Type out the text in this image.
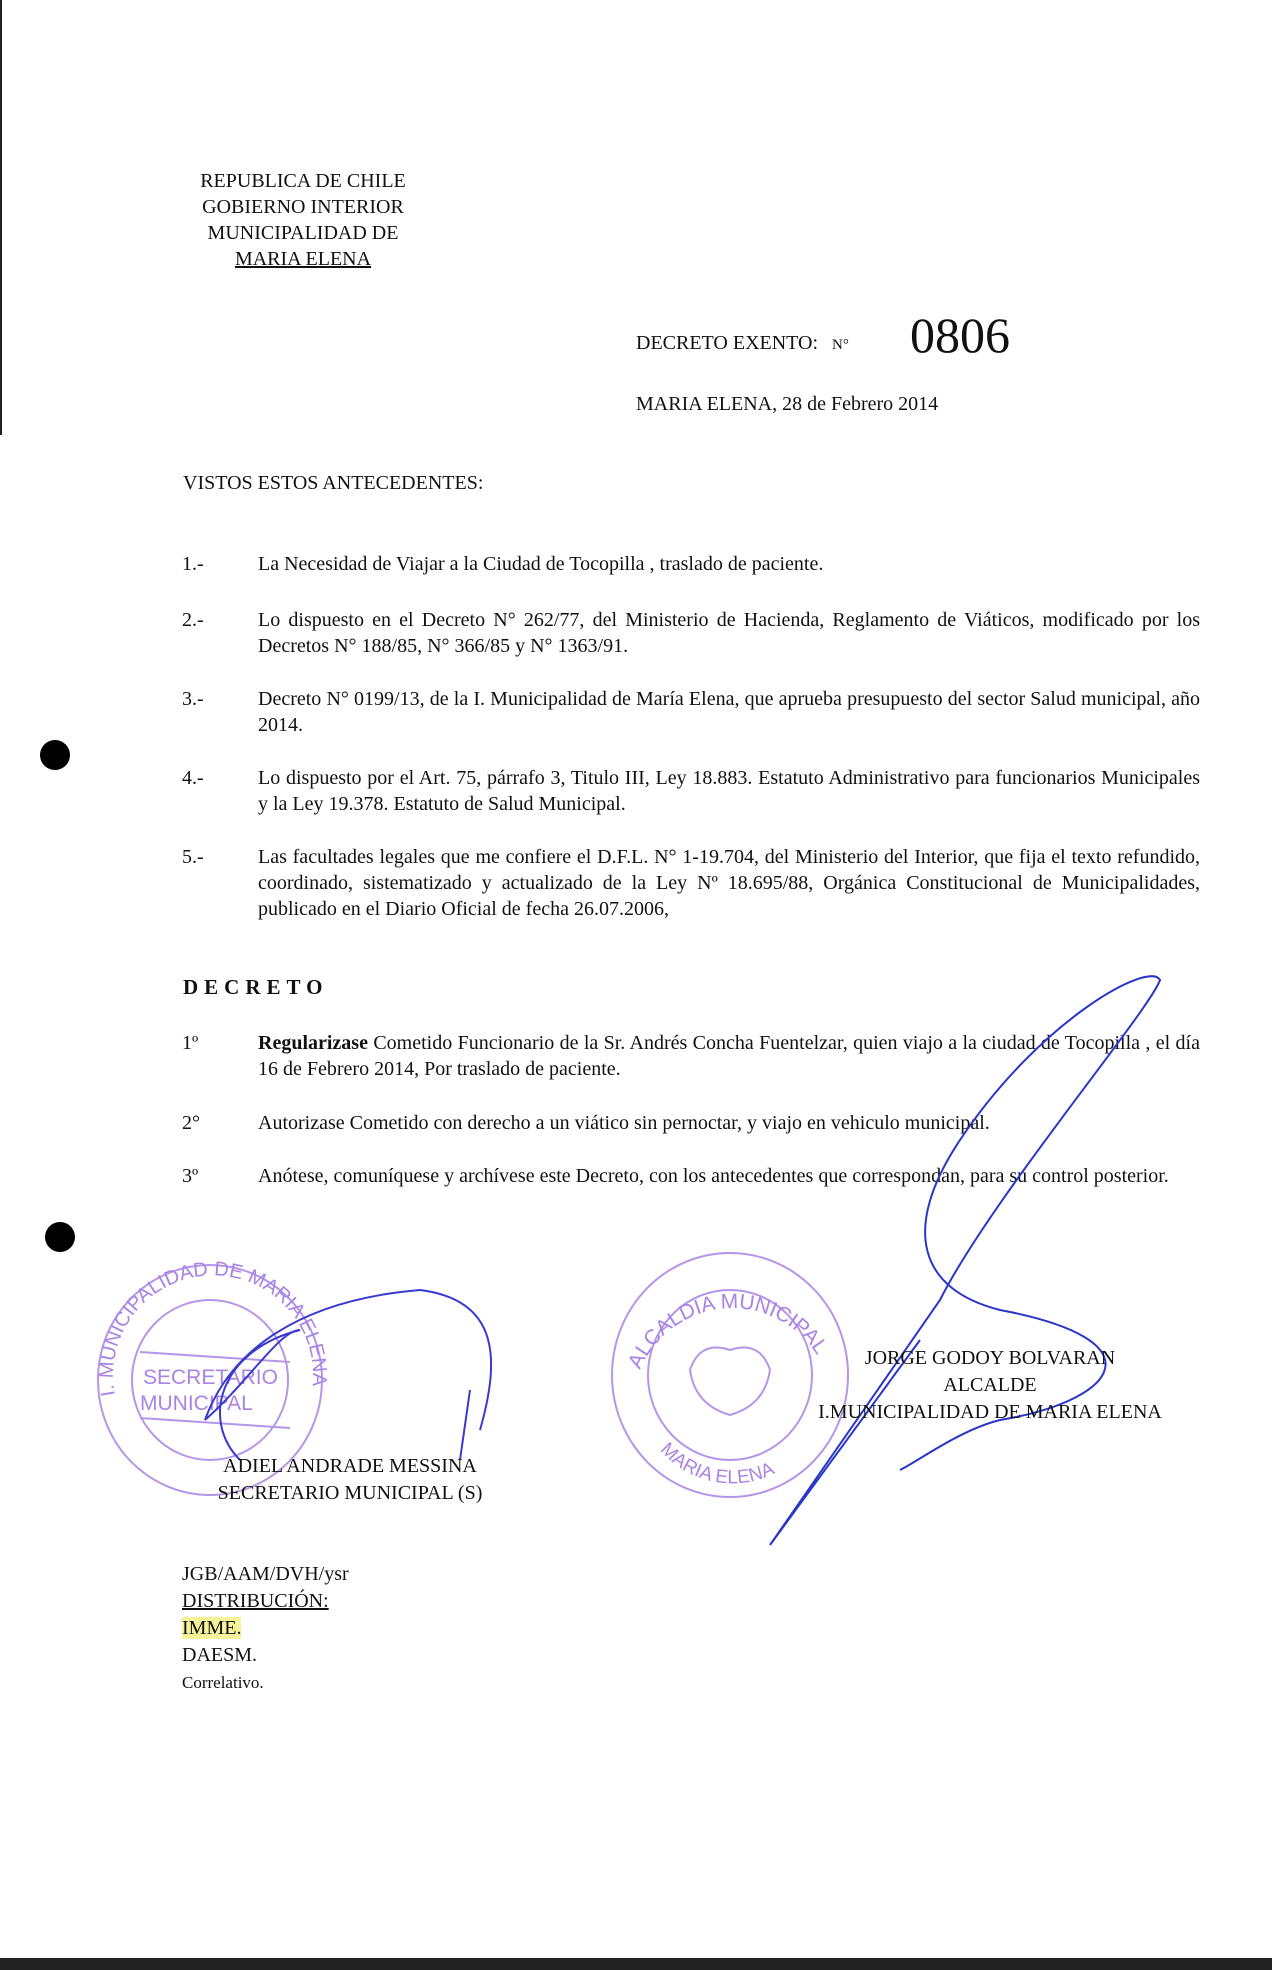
REPUBLICA DE CHILE
GOBIERNO INTERIOR
MUNICIPALIDAD DE
MARIA ELENA
DECRETO EXENTO: N° 0806
MARIA ELENA, 28 de Febrero 2014
VISTOS ESTOS ANTECEDENTES:
1.-	La Necesidad de Viajar a la Ciudad de Tocopilla , traslado de paciente.
2.-	Lo dispuesto en el Decreto N° 262/77, del Ministerio de Hacienda, Reglamento de Viáticos, modificado por los Decretos N° 188/85, N° 366/85 y N° 1363/91.
3.-	Decreto N° 0199/13, de la I. Municipalidad de María Elena, que aprueba presupuesto del sector Salud municipal, año 2014.
4.-	Lo dispuesto por el Art. 75, párrafo 3, Titulo III, Ley 18.883. Estatuto Administrativo para funcionarios Municipales y la Ley 19.378. Estatuto de Salud Municipal.
5.-	Las facultades legales que me confiere el D.F.L. N° 1-19.704, del Ministerio del Interior, que fija el texto refundido, coordinado, sistematizado y actualizado de la Ley Nº 18.695/88, Orgánica Constitucional de Municipalidades, publicado en el Diario Oficial de fecha 26.07.2006,
DECRETO
1º	Regularizase Cometido Funcionario de la Sr. Andrés Concha Fuentelzar, quien viajo a la ciudad de Tocopilla , el día 16 de Febrero 2014, Por traslado de paciente.
2°	Autorizase Cometido con derecho a un viático sin pernoctar, y viajo en vehiculo municipal.
3º	Anótese, comuníquese y archívese este Decreto, con los antecedentes que correspondan, para su control posterior.
I. MUNICIPALIDAD DE MARIA ELENA
SECRETARIO
MUNICIPAL
ALCALDIA MUNICIPAL
MARIA ELENA
ADIEL ANDRADE MESSINA
SECRETARIO MUNICIPAL (S)
JORGE GODOY BOLVARAN
ALCALDE
I.MUNICIPALIDAD DE MARIA ELENA
JGB/AAM/DVH/ysr
DISTRIBUCIÓN:
IMME.
DAESM.
Correlativo.
